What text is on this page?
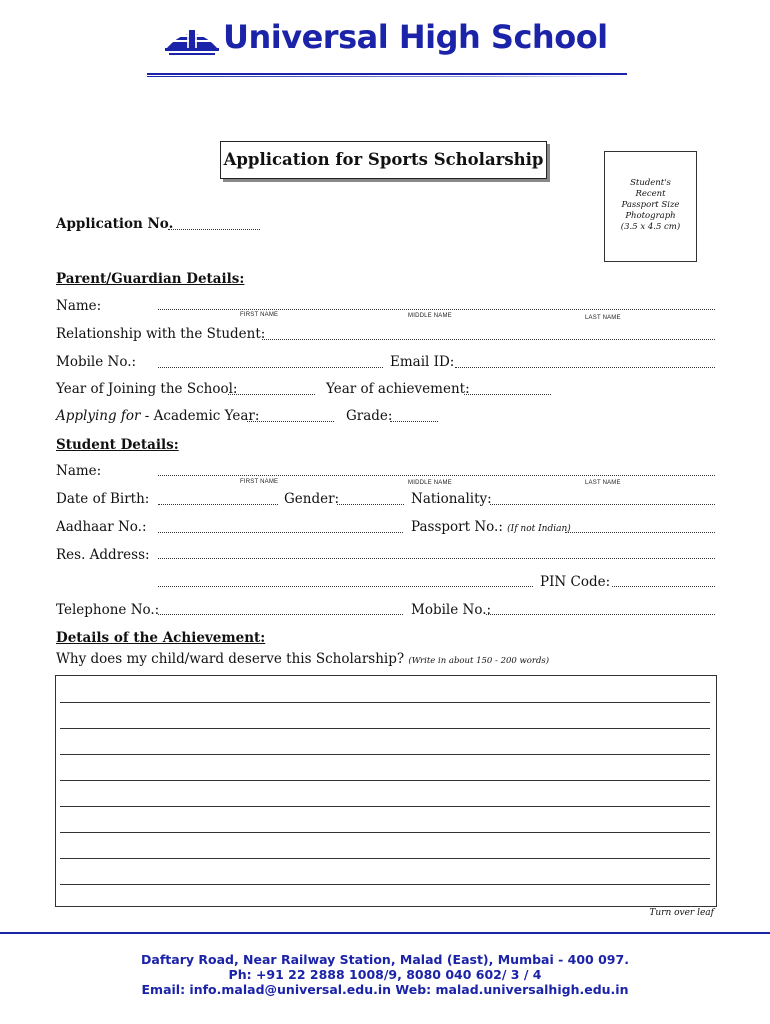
Universal High School
Application for Sports Scholarship
Student's
Recent
Passport Size
Photograph
(3.5 x 4.5 cm)
Application No.
Parent/Guardian Details:
Name:
FIRST NAME	MIDDLE NAME	LAST NAME
Relationship with the Student:
Mobile No.:	Email ID:
Year of Joining the School:	Year of achievement:
Applying for - Academic Year:	Grade:
Student Details:
Name:
FIRST NAME	MIDDLE NAME	LAST NAME
Date of Birth:	Gender:	Nationality:
Aadhaar No.:	Passport No.: (If not Indian)
Res. Address:
PIN Code:
Telephone No.:	Mobile No.:
Details of the Achievement:
Why does my child/ward deserve this Scholarship? (Write in about 150 - 200 words)
Turn over leaf
Daftary Road, Near Railway Station, Malad (East), Mumbai - 400 097.
Ph: +91 22 2888 1008/9, 8080 040 602/ 3 / 4
Email: info.malad@universal.edu.in Web: malad.universalhigh.edu.in
